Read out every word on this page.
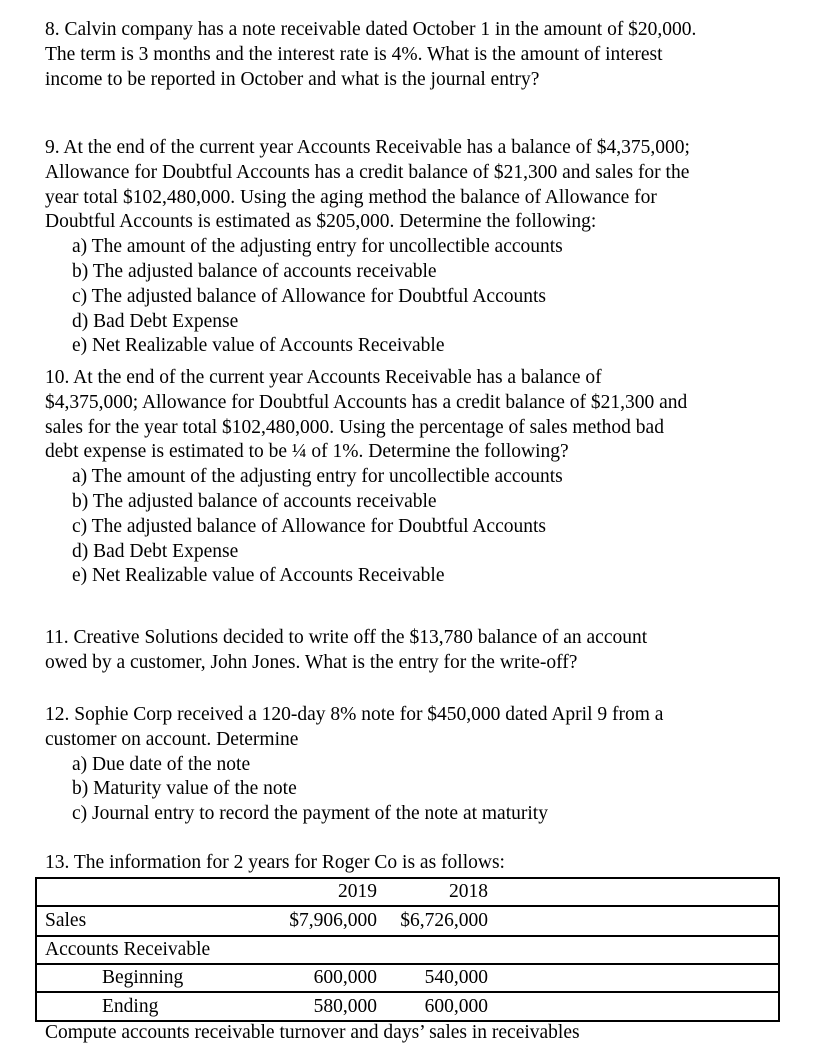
8. Calvin company has a note receivable dated October 1 in the amount of $20,000.
The term is 3 months and the interest rate is 4%. What is the amount of interest
income to be reported in October and what is the journal entry?
9. At the end of the current year Accounts Receivable has a balance of $4,375,000;
Allowance for Doubtful Accounts has a credit balance of $21,300 and sales for the
year total $102,480,000. Using the aging method the balance of Allowance for
Doubtful Accounts is estimated as $205,000. Determine the following:
a) The amount of the adjusting entry for uncollectible accounts
b) The adjusted balance of accounts receivable
c) The adjusted balance of Allowance for Doubtful Accounts
d) Bad Debt Expense
e) Net Realizable value of Accounts Receivable
10. At the end of the current year Accounts Receivable has a balance of
$4,375,000; Allowance for Doubtful Accounts has a credit balance of $21,300 and
sales for the year total $102,480,000. Using the percentage of sales method bad
debt expense is estimated to be ¼ of 1%. Determine the following?
a) The amount of the adjusting entry for uncollectible accounts
b) The adjusted balance of accounts receivable
c) The adjusted balance of Allowance for Doubtful Accounts
d) Bad Debt Expense
e) Net Realizable value of Accounts Receivable
11. Creative Solutions decided to write off the $13,780 balance of an account
owed by a customer, John Jones. What is the entry for the write-off?
12. Sophie Corp received a 120-day 8% note for $450,000 dated April 9 from a
customer on account. Determine
a) Due date of the note
b) Maturity value of the note
c) Journal entry to record the payment of the note at maturity
13. The information for 2 years for Roger Co is as follows:
	2019	2018	
Sales	$7,906,000	$6,726,000	
Accounts Receivable			
Beginning	600,000	540,000	
Ending	580,000	600,000	
Compute accounts receivable turnover and days’ sales in receivables
